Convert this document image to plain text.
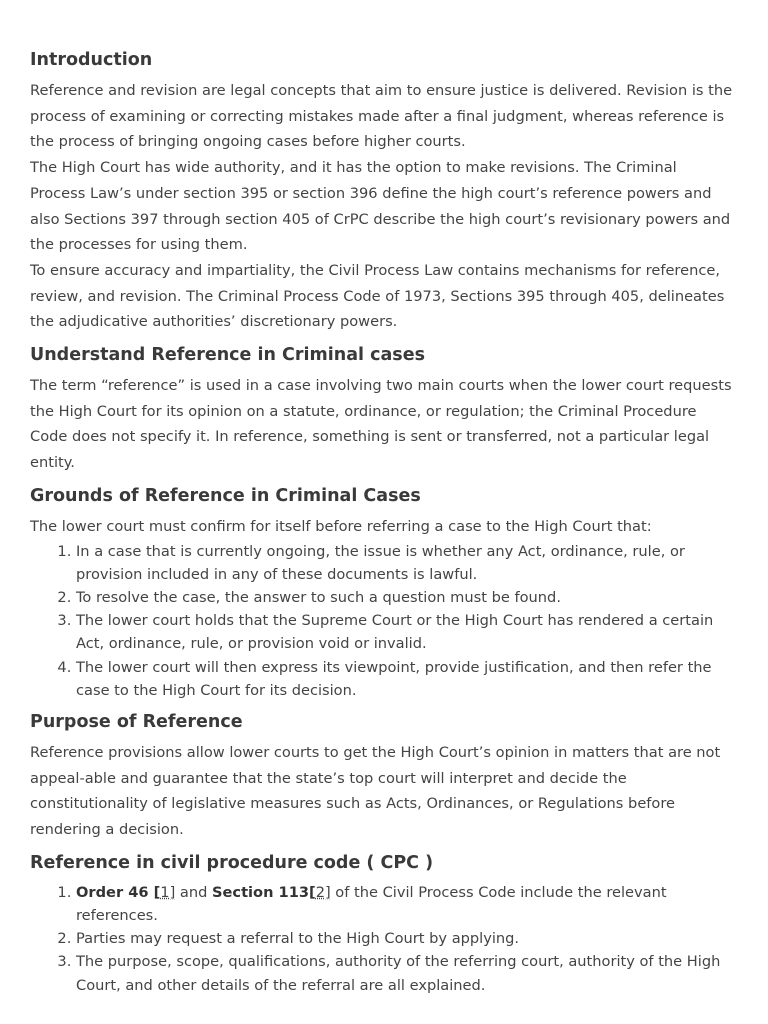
Introduction

Reference and revision are legal concepts that aim to ensure justice is delivered. Revision is the process of examining or correcting mistakes made after a final judgment, whereas reference is the process of bringing ongoing cases before higher courts.

The High Court has wide authority, and it has the option to make revisions. The Criminal Process Law’s under section 395 or section 396 define the high court’s reference powers and also Sections 397 through section 405 of CrPC describe the high court’s revisionary powers and the processes for using them.

To ensure accuracy and impartiality, the Civil Process Law contains mechanisms for reference, review, and revision. The Criminal Process Code of 1973, Sections 395 through 405, delineates the adjudicative authorities’ discretionary powers.

Understand Reference in Criminal cases

The term “reference” is used in a case involving two main courts when the lower court requests the High Court for its opinion on a statute, ordinance, or regulation; the Criminal Procedure Code does not specify it. In reference, something is sent or transferred, not a particular legal entity.

Grounds of Reference in Criminal Cases

The lower court must confirm for itself before referring a case to the High Court that:

1. In a case that is currently ongoing, the issue is whether any Act, ordinance, rule, or provision included in any of these documents is lawful.
2. To resolve the case, the answer to such a question must be found.
3. The lower court holds that the Supreme Court or the High Court has rendered a certain Act, ordinance, rule, or provision void or invalid.
4. The lower court will then express its viewpoint, provide justification, and then refer the case to the High Court for its decision.
Purpose of Reference

Reference provisions allow lower courts to get the High Court’s opinion in matters that are not appeal-able and guarantee that the state’s top court will interpret and decide the constitutionality of legislative measures such as Acts, Ordinances, or Regulations before rendering a decision.

Reference in civil procedure code ( CPC )
1. Order 46 [1] and Section 113[2] of the Civil Process Code include the relevant references.
2. Parties may request a referral to the High Court by applying.
3. The purpose, scope, qualifications, authority of the referring court, authority of the High Court, and other details of the referral are all explained.
